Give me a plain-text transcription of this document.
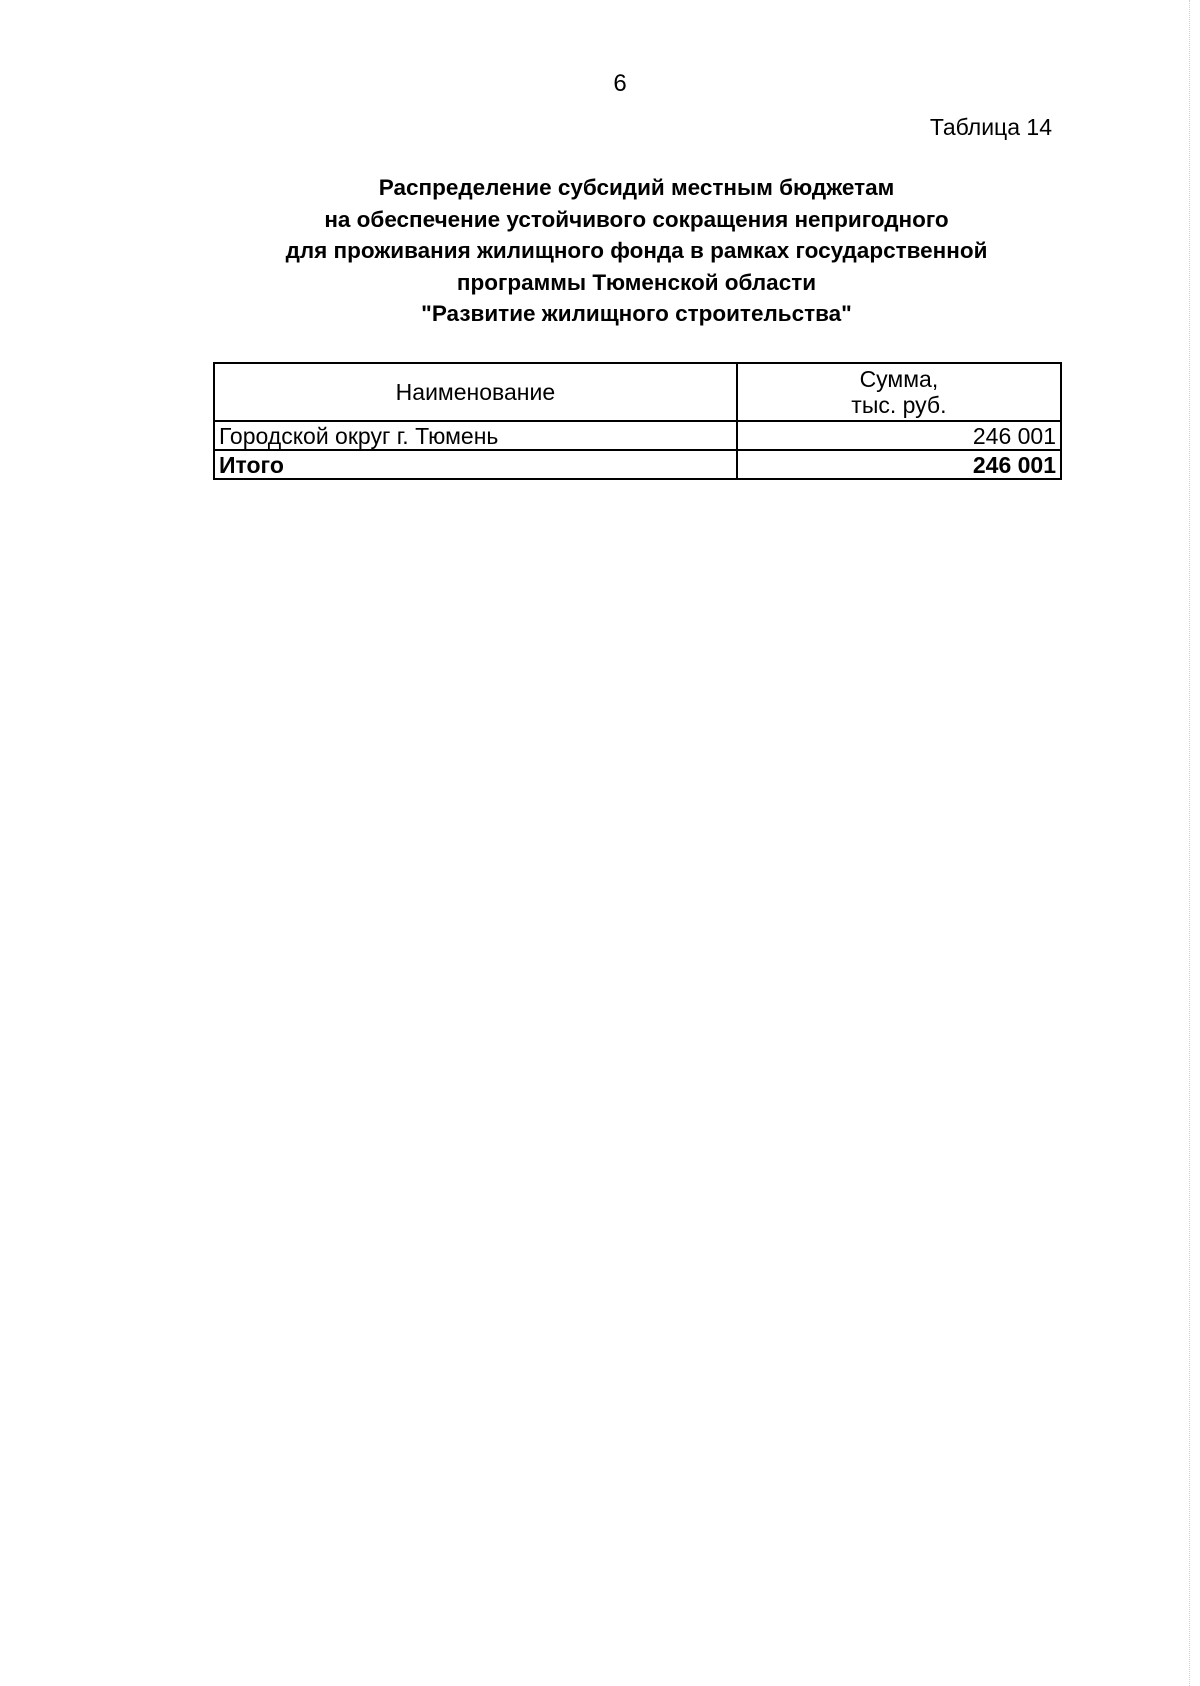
6
Таблица 14
Распределение субсидий местным бюджетам
на обеспечение устойчивого сокращения непригодного
для проживания жилищного фонда в рамках государственной
программы Тюменской области
"Развитие жилищного строительства"
Наименование	Сумма,
тыс. руб.

Городской округ г. Тюмень	246 001
Итого	246 001
